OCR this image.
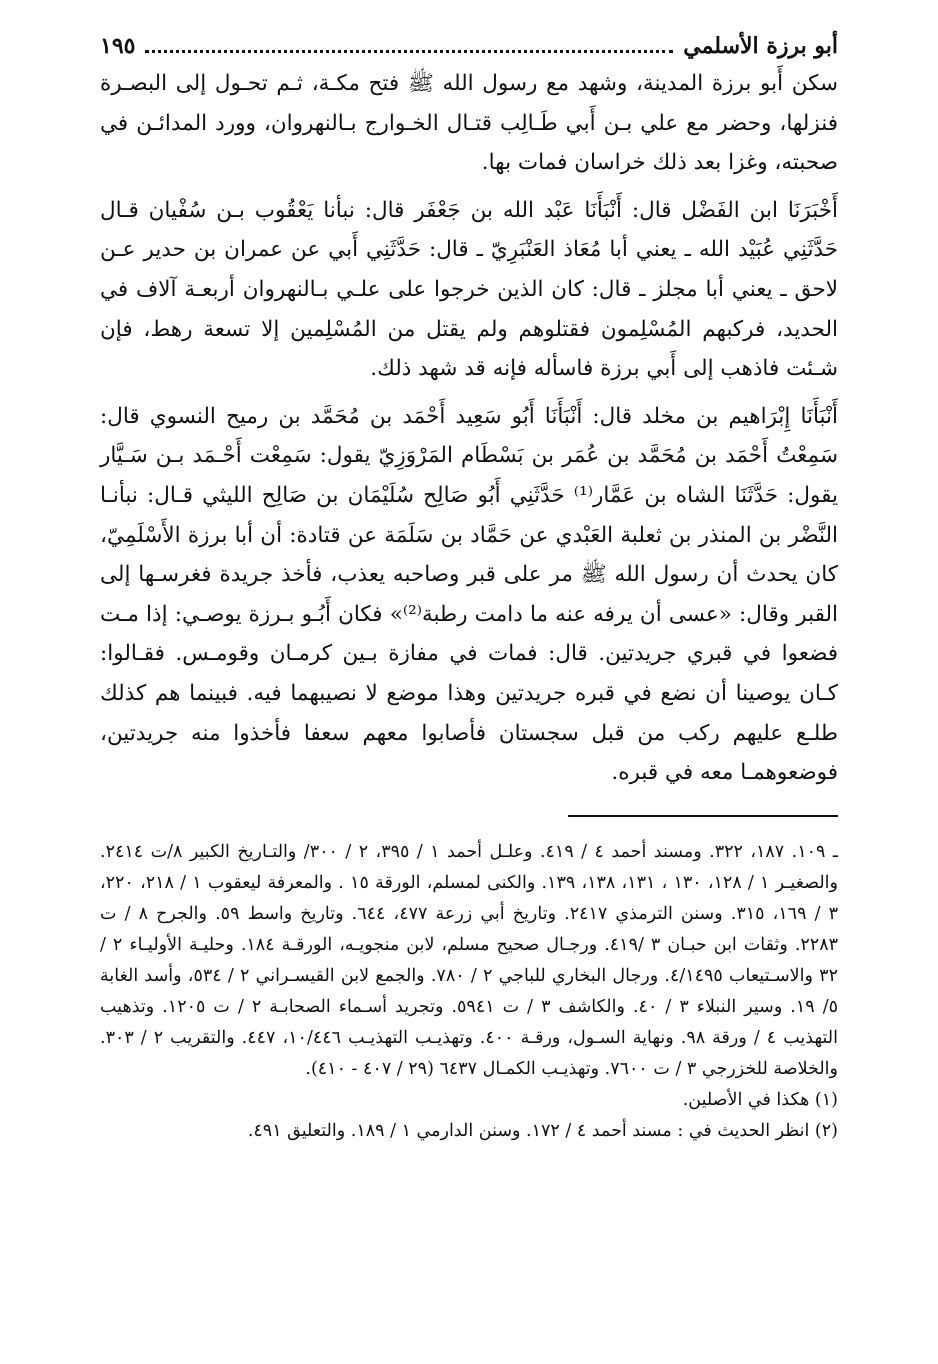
أبو برزة الأسلمي
١٩٥

سكن أَبو برزة المدينة، وشهد مع رسول الله ﷺ فتح مكـة، ثـم تحـول إلى البصـرة فنزلها، وحضر مع علي بـن أَبي طَـالِب قتـال الخـوارج بـالنهروان، وورد المدائـن في صحبته، وغزا بعد ذلك خراسان فمات بها.

أَخْبَرَنَا ابن الفَضْل قال: أَنْبَأَنَا عَبْد الله بن جَعْفَر قال: نبأنا يَعْقُوب بـن سُفْيان قـال حَدَّثَنِي عُبَيْد الله ـ يعني أبا مُعَاذ العَنْبَرِيّ ـ قال: حَدَّثَنِي أَبي عن عمران بن حدير عـن لاحق ـ يعني أبا مجلز ـ قال: كان الذين خرجوا على علـي بـالنهروان أربعـة آلاف في الحديد، فركبهم المُسْلِمون فقتلوهم ولم يقتل من المُسْلِمين إلا تسعة رهط، فإن شـئت فاذهب إلى أَبي برزة فاسأله فإنه قد شهد ذلك.

أَنْبَأَنَا إِبْرَاهيم بن مخلد قال: أَنْبَأَنَا أَبُو سَعِيد أَحْمَد بن مُحَمَّد بن رميح النسوي قال: سَمِعْتُ أَحْمَد بن مُحَمَّد بن عُمَر بن بَسْطَام المَرْوَزِيّ يقول: سَمِعْت أَحْـمَد بـن سَـيَّار يقول: حَدَّثَنَا الشاه بن عَمَّار⁽¹⁾ حَدَّثَنِي أَبُو صَالِح سُلَيْمَان بن صَالِح الليثي قـال: نبأنـا النَّضْر بن المنذر بن ثعلبة العَبْدي عن حَمَّاد بن سَلَمَة عن قتادة: أن أبا برزة الأَسْلَمِيّ، كان يحدث أن رسول الله ﷺ مر على قبر وصاحبه يعذب، فأخذ جريدة فغرسـها إلى القبر وقال: «عسى أن يرفه عنه ما دامت رطبة⁽²⁾» فكان أَبُـو بـرزة يوصـي: إذا مـت فضعوا في قبري جريدتين. قال: فمات في مفازة بـين كرمـان وقومـس. فقـالوا: كـان يوصينا أن نضع في قبره جريدتين وهذا موضع لا نصيبهما فيه. فبينما هم كذلك طلـع عليهم ركب من قبل سجستان فأصابوا معهم سعفا فأخذوا منه جريدتين، فوضعوهمـا معه في قبره.

ـ ١٠٩. ١٨٧، ٣٢٢. ومسند أحمد ٤ / ٤١٩. وعلـل أحمد ١ / ٣٩٥، ٢ / ٣٠٠/ والتـاريخ الكبير ٨/ت ٢٤١٤. والصغيـر ١ / ١٢٨، ١٣٠ ، ١٣١، ١٣٨، ١٣٩. والكنى لمسلم، الورقة ١٥ . والمعرفة ليعقوب ١ / ٢١٨، ٢٢٠، ٣ / ١٦٩، ٣١٥. وسنن الترمذي ٢٤١٧. وتاريخ أبي زرعة ٤٧٧، ٦٤٤. وتاريخ واسط ٥٩. والجرح ٨ / ت ٢٢٨٣. وثقات ابن حبـان ٣ /٤١٩. ورجـال صحيح مسلم، لابن منجويـه، الورقـة ١٨٤. وحليـة الأوليـاء ٢ / ٣٢ والاسـتيعاب ٤/١٤٩٥. ورجال البخاري للباجي ٢ / ٧٨٠. والجمع لابن القيسـراني ٢ / ٥٣٤، وأسد الغابة ٥/ ١٩. وسير النبلاء ٣ / ٤٠. والكاشف ٣ / ت ٥٩٤١. وتجريد أسـماء الصحابـة ٢ / ت ١٢٠٥. وتذهيب التهذيب ٤ / ورقة ٩٨. ونهاية السـول، ورقـة ٤٠٠. وتهذيـب التهذيـب ١٠/٤٤٦، ٤٤٧. والتقريب ٢ / ٣٠٣. والخلاصة للخزرجي ٣ / ت ٧٦٠٠. وتهذيـب الكمـال ٦٤٣٧ (٢٩ / ٤٠٧ - ٤١٠).

(١) هكذا في الأصلين.

(٢) انظر الحديث في : مسند أحمد ٤ / ١٧٢. وسنن الدارمي ١ / ١٨٩. والتعليق ٤٩١.
